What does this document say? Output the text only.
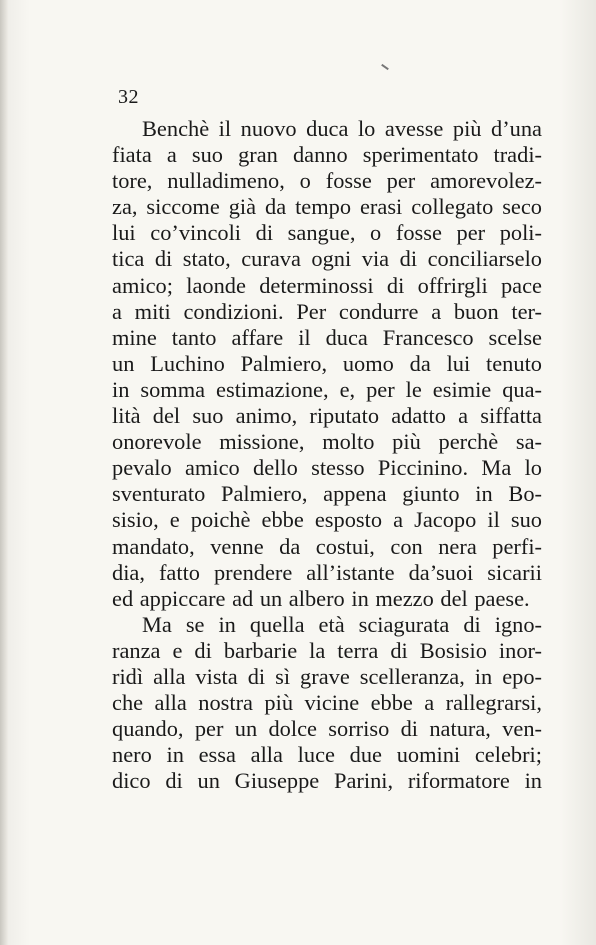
32
Benchè il nuovo duca lo avesse più d’una
fiata a suo gran danno sperimentato tradi-
tore, nulladimeno, o fosse per amorevolez-
za, siccome già da tempo erasi collegato seco
lui co’vincoli di sangue, o fosse per poli-
tica di stato, curava ogni via di conciliarselo
amico; laonde determinossi di offrirgli pace
a miti condizioni. Per condurre a buon ter-
mine tanto affare il duca Francesco scelse
un Luchino Palmiero, uomo da lui tenuto
in somma estimazione, e, per le esimie qua-
lità del suo animo, riputato adatto a siffatta
onorevole missione, molto più perchè sa-
pevalo amico dello stesso Piccinino. Ma lo
sventurato Palmiero, appena giunto in Bo-
sisio, e poichè ebbe esposto a Jacopo il suo
mandato, venne da costui, con nera perfi-
dia, fatto prendere all’istante da’suoi sicarii
ed appiccare ad un albero in mezzo del paese.
Ma se in quella età sciagurata di igno-
ranza e di barbarie la terra di Bosisio inor-
ridì alla vista di sì grave scelleranza, in epo-
che alla nostra più vicine ebbe a rallegrarsi,
quando, per un dolce sorriso di natura, ven-
nero in essa alla luce due uomini celebri;
dico di un Giuseppe Parini, riformatore in
